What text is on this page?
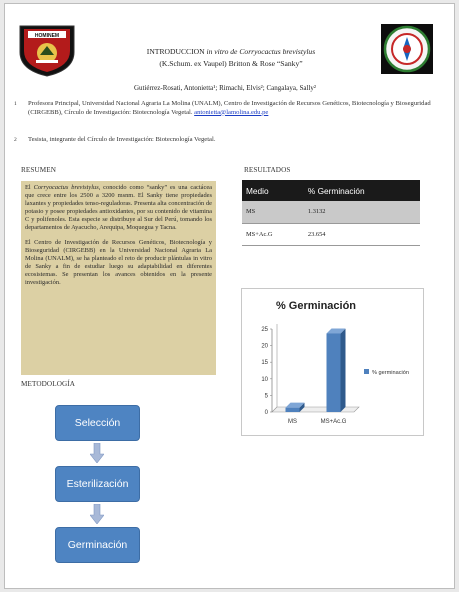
HOMINEM
INTRODUCCION in vitro de Corryocactus brevistylus
(K.Schum. ex Vaupel) Britton & Rose “Sanky”
Gutiérrez-Rosati, Antonietta¹; Rimachi, Elvis²; Cangalaya, Sally²
1 Profesora Principal, Universidad Nacional Agraria La Molina (UNALM), Centro de Investigación de Recursos Genéticos, Biotecnología y Bioseguridad (CIRGEBB), Círculo de Investigación: Biotecnología Vegetal. antonietta@lamolina.edu.pe
2 Tesista, integrante del Círculo de Investigación: Biotecnología Vegetal.
RESUMEN	RESULTADOS

El Corryocactus brevistylus, conocido como “sanky” es una cactácea que crece entre los 2500 a 3200 msnm. El Sanky tiene propiedades laxantes y propiedades tenso-reguladoras. Presenta alta concentración de potasio y posee propiedades antioxidantes, por su contenido de vitamina C y polifenoles. Esta especie se distribuye al Sur del Perú, tomando los departamentos de Ayacucho, Arequipa, Moquegua y Tacna.

El Centro de Investigación de Recursos Genéticos, Biotecnología y Bioseguridad (CIRGEBB) en la Universidad Nacional Agraria La Molina (UNALM), se ha planteado el reto de producir plántulas in vitro de Sanky a fin de estudiar luego su adaptabilidad en diferentes ecosistemas. Se presentan los avances obtenidos en la presente investigación.

Medio	% Germinación
MS	1.3132
MS+Ac.G	23.654
% Germinación
0
5
10
15
20
25
MS	MS+Ac.G
% germinación
METODOLOGÍA
Selección
Esterilización
Germinación
